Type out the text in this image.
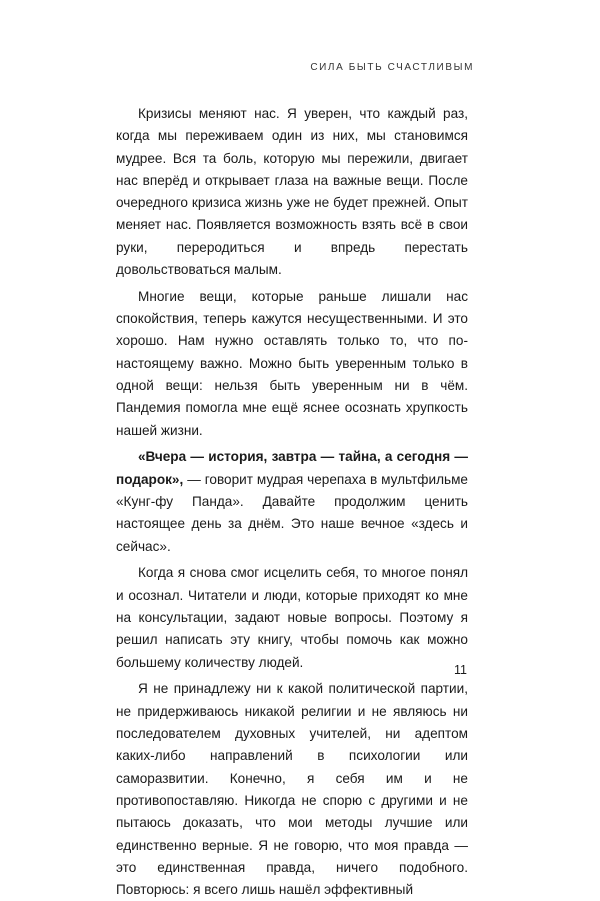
СИЛА БЫТЬ СЧАСТЛИВЫМ

Кризисы меняют нас. Я уверен, что каждый раз, когда мы переживаем один из них, мы становимся мудрее. Вся та боль, которую мы пережили, двигает нас вперёд и открывает глаза на важные вещи. После очередного кризиса жизнь уже не будет прежней. Опыт меняет нас. Появляется возможность взять всё в свои руки, переродиться и впредь перестать довольствоваться малым.

Многие вещи, которые раньше лишали нас спокойствия, теперь кажутся несущественными. И это хорошо. Нам нужно оставлять только то, что по-настоящему важно. Можно быть уверенным только в одной вещи: нельзя быть уверенным ни в чём. Пандемия помогла мне ещё яснее осознать хрупкость нашей жизни.

«Вчера — история, завтра — тайна, а сегодня — подарок», — говорит мудрая черепаха в мультфильме «Кунг-фу Панда». Давайте продолжим ценить настоящее день за днём. Это наше вечное «здесь и сейчас».

Когда я снова смог исцелить себя, то многое понял и осознал. Читатели и люди, которые приходят ко мне на консультации, задают новые вопросы. Поэтому я решил написать эту книгу, чтобы помочь как можно большему количеству людей.

Я не принадлежу ни к какой политической партии, не придерживаюсь никакой религии и не являюсь ни последователем духовных учителей, ни адептом каких-либо направлений в психологии или саморазвитии. Конечно, я себя им и не противопоставляю. Никогда не спорю с другими и не пытаюсь доказать, что мои методы лучшие или единственно верные. Я не говорю, что моя правда — это единственная правда, ничего подобного. Повторюсь: я всего лишь нашёл эффективный

11
